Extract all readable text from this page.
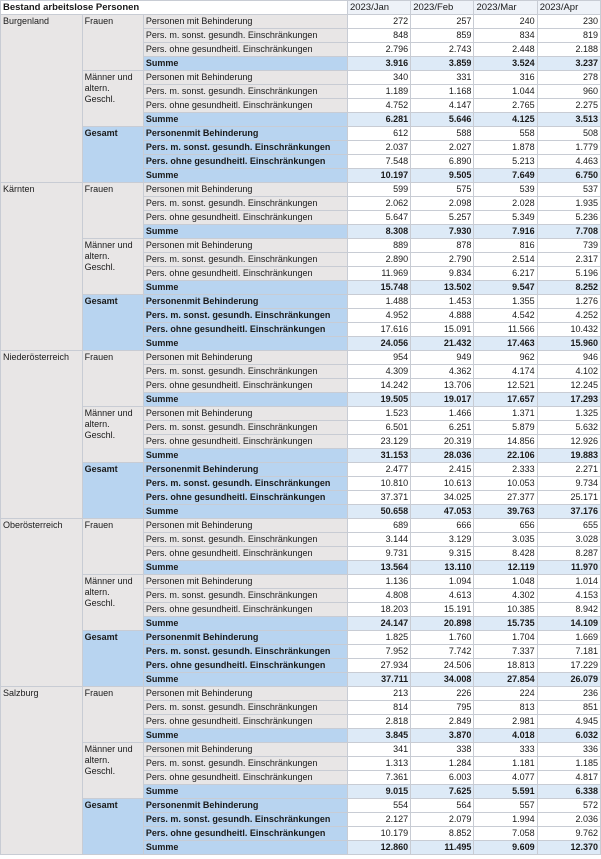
Bestand arbeitslose Personen			2023/Jan	2023/Feb	2023/Mar	2023/Apr
Burgenland	Frauen	Personen mit Behinderung	272	257	240	230
		Pers. m. sonst. gesundh. Einschränkungen	848	859	834	819
		Pers. ohne gesundheitl. Einschränkungen	2.796	2.743	2.448	2.188
		Summe	3.916	3.859	3.524	3.237
	Männer und altern. Geschl.	Personen mit Behinderung	340	331	316	278
		Pers. m. sonst. gesundh. Einschränkungen	1.189	1.168	1.044	960
		Pers. ohne gesundheitl. Einschränkungen	4.752	4.147	2.765	2.275
		Summe	6.281	5.646	4.125	3.513
	Gesamt	Personenmit Behinderung	612	588	558	508
		Pers. m. sonst. gesundh. Einschränkungen	2.037	2.027	1.878	1.779
		Pers. ohne gesundheitl. Einschränkungen	7.548	6.890	5.213	4.463
		Summe	10.197	9.505	7.649	6.750
Kärnten	Frauen	Personen mit Behinderung	599	575	539	537
		Pers. m. sonst. gesundh. Einschränkungen	2.062	2.098	2.028	1.935
		Pers. ohne gesundheitl. Einschränkungen	5.647	5.257	5.349	5.236
		Summe	8.308	7.930	7.916	7.708
	Männer und altern. Geschl.	Personen mit Behinderung	889	878	816	739
		Pers. m. sonst. gesundh. Einschränkungen	2.890	2.790	2.514	2.317
		Pers. ohne gesundheitl. Einschränkungen	11.969	9.834	6.217	5.196
		Summe	15.748	13.502	9.547	8.252
	Gesamt	Personenmit Behinderung	1.488	1.453	1.355	1.276
		Pers. m. sonst. gesundh. Einschränkungen	4.952	4.888	4.542	4.252
		Pers. ohne gesundheitl. Einschränkungen	17.616	15.091	11.566	10.432
		Summe	24.056	21.432	17.463	15.960
Niederösterreich	Frauen	Personen mit Behinderung	954	949	962	946
		Pers. m. sonst. gesundh. Einschränkungen	4.309	4.362	4.174	4.102
		Pers. ohne gesundheitl. Einschränkungen	14.242	13.706	12.521	12.245
		Summe	19.505	19.017	17.657	17.293
	Männer und altern. Geschl.	Personen mit Behinderung	1.523	1.466	1.371	1.325
		Pers. m. sonst. gesundh. Einschränkungen	6.501	6.251	5.879	5.632
		Pers. ohne gesundheitl. Einschränkungen	23.129	20.319	14.856	12.926
		Summe	31.153	28.036	22.106	19.883
	Gesamt	Personenmit Behinderung	2.477	2.415	2.333	2.271
		Pers. m. sonst. gesundh. Einschränkungen	10.810	10.613	10.053	9.734
		Pers. ohne gesundheitl. Einschränkungen	37.371	34.025	27.377	25.171
		Summe	50.658	47.053	39.763	37.176
Oberösterreich	Frauen	Personen mit Behinderung	689	666	656	655
		Pers. m. sonst. gesundh. Einschränkungen	3.144	3.129	3.035	3.028
		Pers. ohne gesundheitl. Einschränkungen	9.731	9.315	8.428	8.287
		Summe	13.564	13.110	12.119	11.970
	Männer und altern. Geschl.	Personen mit Behinderung	1.136	1.094	1.048	1.014
		Pers. m. sonst. gesundh. Einschränkungen	4.808	4.613	4.302	4.153
		Pers. ohne gesundheitl. Einschränkungen	18.203	15.191	10.385	8.942
		Summe	24.147	20.898	15.735	14.109
	Gesamt	Personenmit Behinderung	1.825	1.760	1.704	1.669
		Pers. m. sonst. gesundh. Einschränkungen	7.952	7.742	7.337	7.181
		Pers. ohne gesundheitl. Einschränkungen	27.934	24.506	18.813	17.229
		Summe	37.711	34.008	27.854	26.079
Salzburg	Frauen	Personen mit Behinderung	213	226	224	236
		Pers. m. sonst. gesundh. Einschränkungen	814	795	813	851
		Pers. ohne gesundheitl. Einschränkungen	2.818	2.849	2.981	4.945
		Summe	3.845	3.870	4.018	6.032
	Männer und altern. Geschl.	Personen mit Behinderung	341	338	333	336
		Pers. m. sonst. gesundh. Einschränkungen	1.313	1.284	1.181	1.185
		Pers. ohne gesundheitl. Einschränkungen	7.361	6.003	4.077	4.817
		Summe	9.015	7.625	5.591	6.338
	Gesamt	Personenmit Behinderung	554	564	557	572
		Pers. m. sonst. gesundh. Einschränkungen	2.127	2.079	1.994	2.036
		Pers. ohne gesundheitl. Einschränkungen	10.179	8.852	7.058	9.762
		Summe	12.860	11.495	9.609	12.370
